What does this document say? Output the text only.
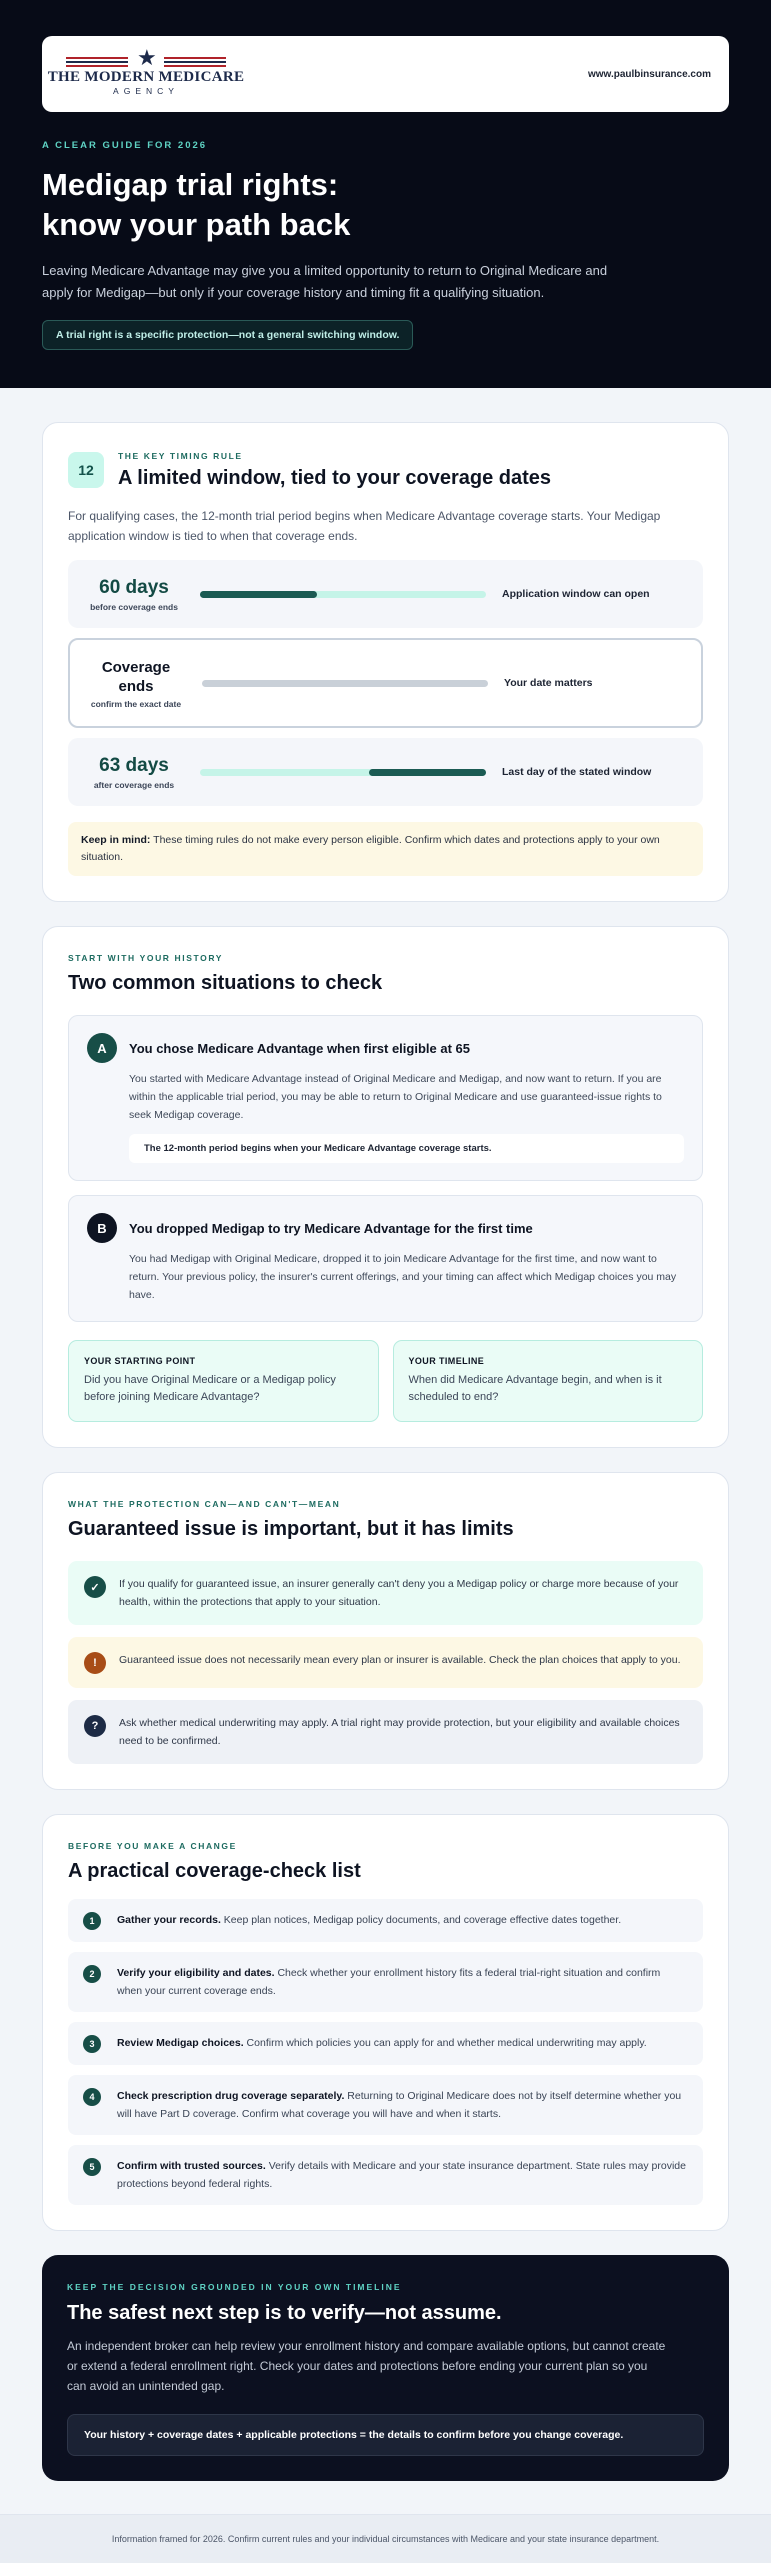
★
THE MODERN MEDICARE
AGENCY
www.paulbinsurance.com
A CLEAR GUIDE FOR 2026
Medigap trial rights:
know your path back

Leaving Medicare Advantage may give you a limited opportunity to return to Original Medicare and apply for Medigap—but only if your coverage history and timing fit a qualifying situation.

A trial right is a specific protection—not a general switching window.
12
THE KEY TIMING RULE
A limited window, tied to your coverage dates

For qualifying cases, the 12-month trial period begins when Medicare Advantage coverage starts. Your Medigap application window is tied to when that coverage ends.

60 days
before coverage ends
Application window can open
Coverage ends
confirm the exact date
Your date matters
63 days
after coverage ends
Last day of the stated window
Keep in mind: These timing rules do not make every person eligible. Confirm which dates and protections apply to your own situation.
START WITH YOUR HISTORY
Two common situations to check
A	You chose Medicare Advantage when first eligible at 65

You started with Medicare Advantage instead of Original Medicare and Medigap, and now want to return. If you are within the applicable trial period, you may be able to return to Original Medicare and use guaranteed-issue rights to seek Medigap coverage.

The 12-month period begins when your Medicare Advantage coverage starts.
B	You dropped Medigap to try Medicare Advantage for the first time

You had Medigap with Original Medicare, dropped it to join Medicare Advantage for the first time, and now want to return. Your previous policy, the insurer's current offerings, and your timing can affect which Medigap choices you may have.

YOUR STARTING POINT
Did you have Original Medicare or a Medigap policy before joining Medicare Advantage?
YOUR TIMELINE
When did Medicare Advantage begin, and when is it scheduled to end?
WHAT THE PROTECTION CAN—AND CAN'T—MEAN
Guaranteed issue is important, but it has limits
✓	If you qualify for guaranteed issue, an insurer generally can't deny you a Medigap policy or charge more because of your health, within the protections that apply to your situation.
!	Guaranteed issue does not necessarily mean every plan or insurer is available. Check the plan choices that apply to you.
?	Ask whether medical underwriting may apply. A trial right may provide protection, but your eligibility and available choices need to be confirmed.
BEFORE YOU MAKE A CHANGE
A practical coverage-check list
1	Gather your records. Keep plan notices, Medigap policy documents, and coverage effective dates together.
2	Verify your eligibility and dates. Check whether your enrollment history fits a federal trial-right situation and confirm when your current coverage ends.
3	Review Medigap choices. Confirm which policies you can apply for and whether medical underwriting may apply.
4	Check prescription drug coverage separately. Returning to Original Medicare does not by itself determine whether you will have Part D coverage. Confirm what coverage you will have and when it starts.
5	Confirm with trusted sources. Verify details with Medicare and your state insurance department. State rules may provide protections beyond federal rights.
KEEP THE DECISION GROUNDED IN YOUR OWN TIMELINE
The safest next step is to verify—not assume.

An independent broker can help review your enrollment history and compare available options, but cannot create or extend a federal enrollment right. Check your dates and protections before ending your current plan so you can avoid an unintended gap.

Your history + coverage dates + applicable protections = the details to confirm before you change coverage.
Information framed for 2026. Confirm current rules and your individual circumstances with Medicare and your state insurance department.
